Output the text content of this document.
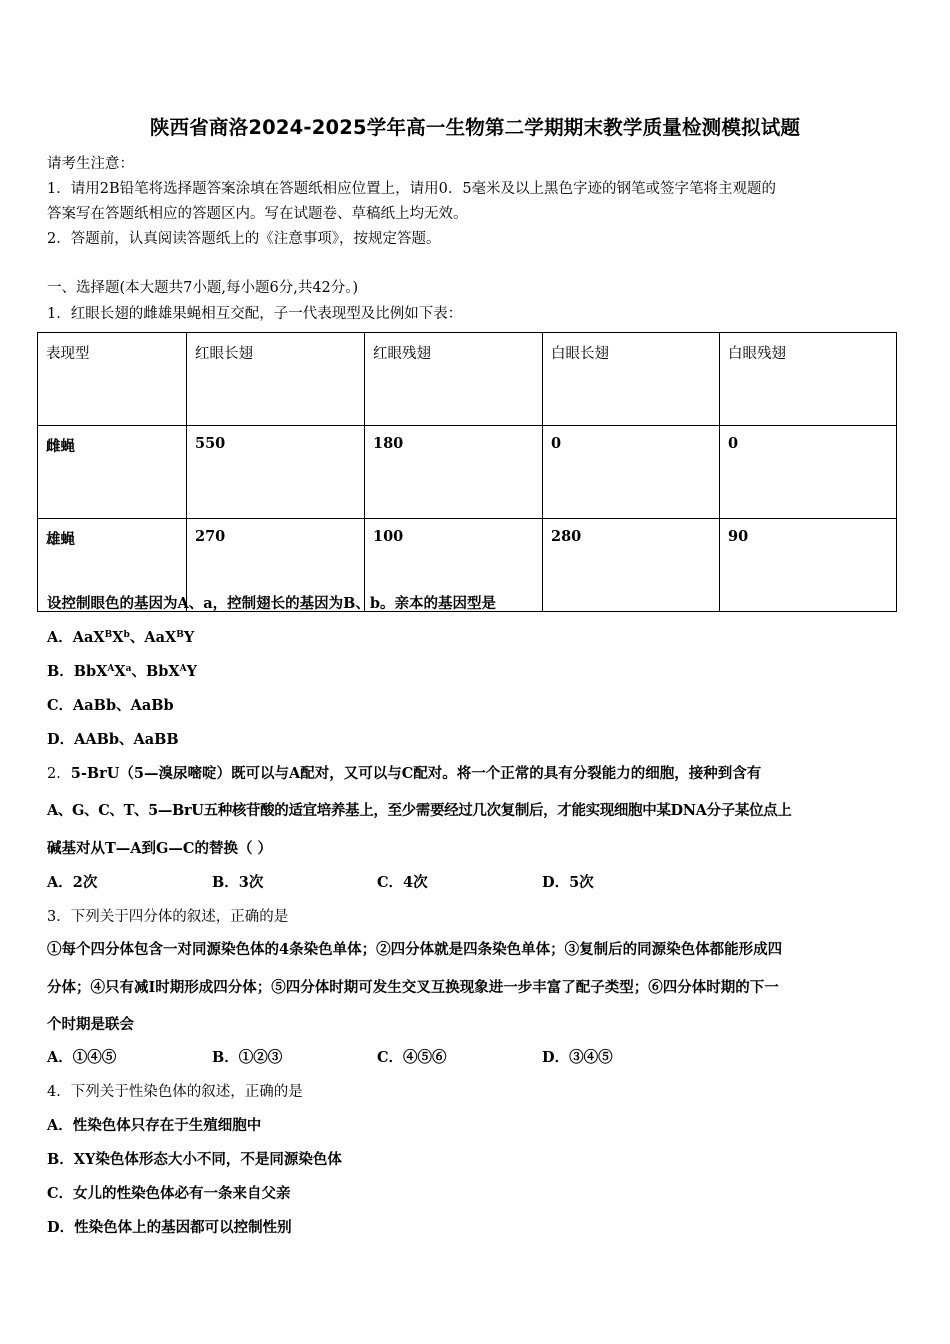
陕西省商洛2024-2025学年高一生物第二学期期末教学质量检测模拟试题
请考生注意：
1．请用2B铅笔将选择题答案涂填在答题纸相应位置上，请用0．5毫米及以上黑色字迹的钢笔或签字笔将主观题的
答案写在答题纸相应的答题区内。写在试题卷、草稿纸上均无效。
2．答题前，认真阅读答题纸上的《注意事项》，按规定答题。
一、选择题(本大题共7小题,每小题6分,共42分。)
1．红眼长翅的雌雄果蝇相互交配，子一代表现型及比例如下表：
表现型	红眼长翅	红眼残翅	白眼长翅	白眼残翅
雌蝇	550	180	0	0
雄蝇	270	100	280	90
设控制眼色的基因为A、a，控制翅长的基因为B、b。亲本的基因型是
A．$AaX^BX^b$、AaX$^B$Y
B．$BbX^AX^a$、BbX$^A$Y
C．AaBb、AaBb
D．AABb、AaBB
2．5-BrU（5—溴尿嘧啶）既可以与A配对，又可以与C配对。将一个正常的具有分裂能力的细胞，接种到含有
A、G、C、T、5—BrU五种核苷酸的适宜培养基上，至少需要经过几次复制后，才能实现细胞中某DNA分子某位点上
碱基对从T—A到G—C的替换（ ）
A．2次	B．3次	C．4次	D．5次
3．下列关于四分体的叙述，正确的是
①每个四分体包含一对同源染色体的4条染色单体；②四分体就是四条染色单体；③复制后的同源染色体都能形成四
分体；④只有减Ⅰ时期形成四分体；⑤四分体时期可发生交叉互换现象进一步丰富了配子类型；⑥四分体时期的下一
个时期是联会
A．①④⑤	B．①②③	C．④⑤⑥	D．③④⑤
4．下列关于性染色体的叙述，正确的是
A．性染色体只存在于生殖细胞中
B．XY染色体形态大小不同，不是同源染色体
C．女儿的性染色体必有一条来自父亲
D．性染色体上的基因都可以控制性别
